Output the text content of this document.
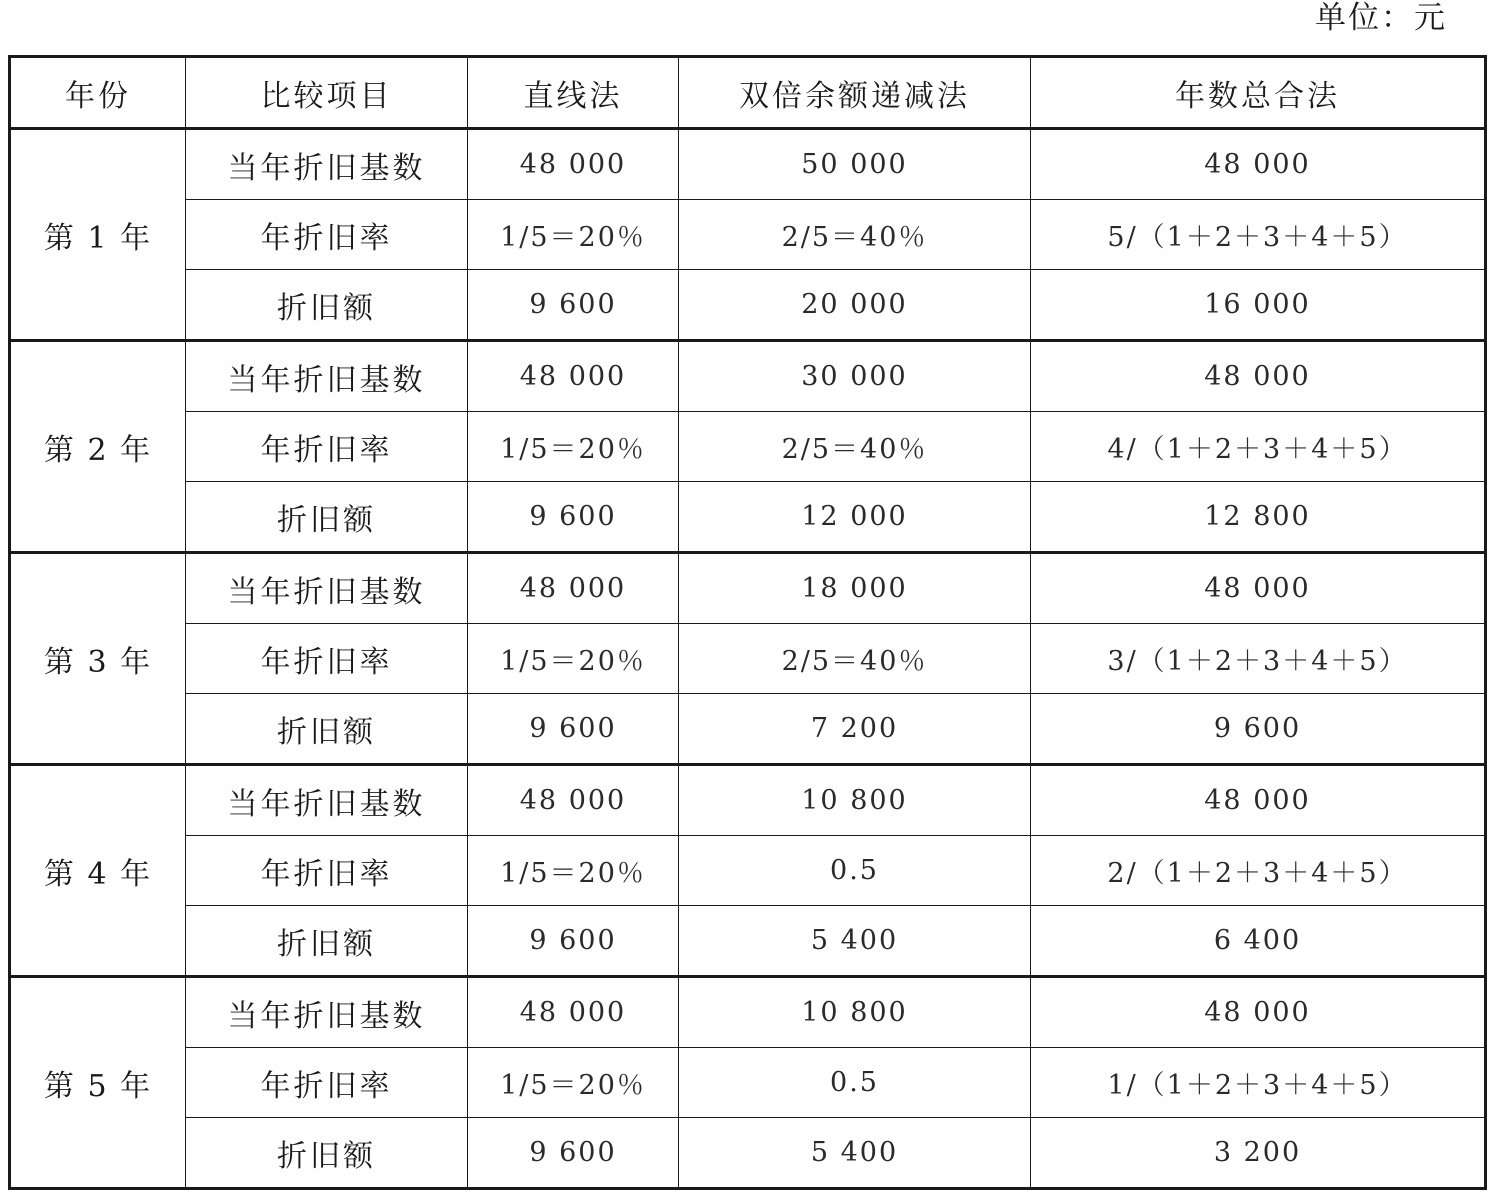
单位：元
年份	比较项目	直线法	双倍余额递减法	年数总合法
第 1 年	当年折旧基数	48 000	50 000	48 000
	年折旧率	1/5＝20％	2/5＝40％	5/（1＋2＋3＋4＋5）
	折旧额	9 600	20 000	16 000
第 2 年	当年折旧基数	48 000	30 000	48 000
	年折旧率	1/5＝20％	2/5＝40％	4/（1＋2＋3＋4＋5）
	折旧额	9 600	12 000	12 800
第 3 年	当年折旧基数	48 000	18 000	48 000
	年折旧率	1/5＝20％	2/5＝40％	3/（1＋2＋3＋4＋5）
	折旧额	9 600	7 200	9 600
第 4 年	当年折旧基数	48 000	10 800	48 000
	年折旧率	1/5＝20％	0.5	2/（1＋2＋3＋4＋5）
	折旧额	9 600	5 400	6 400
第 5 年	当年折旧基数	48 000	10 800	48 000
	年折旧率	1/5＝20％	0.5	1/（1＋2＋3＋4＋5）
	折旧额	9 600	5 400	3 200
